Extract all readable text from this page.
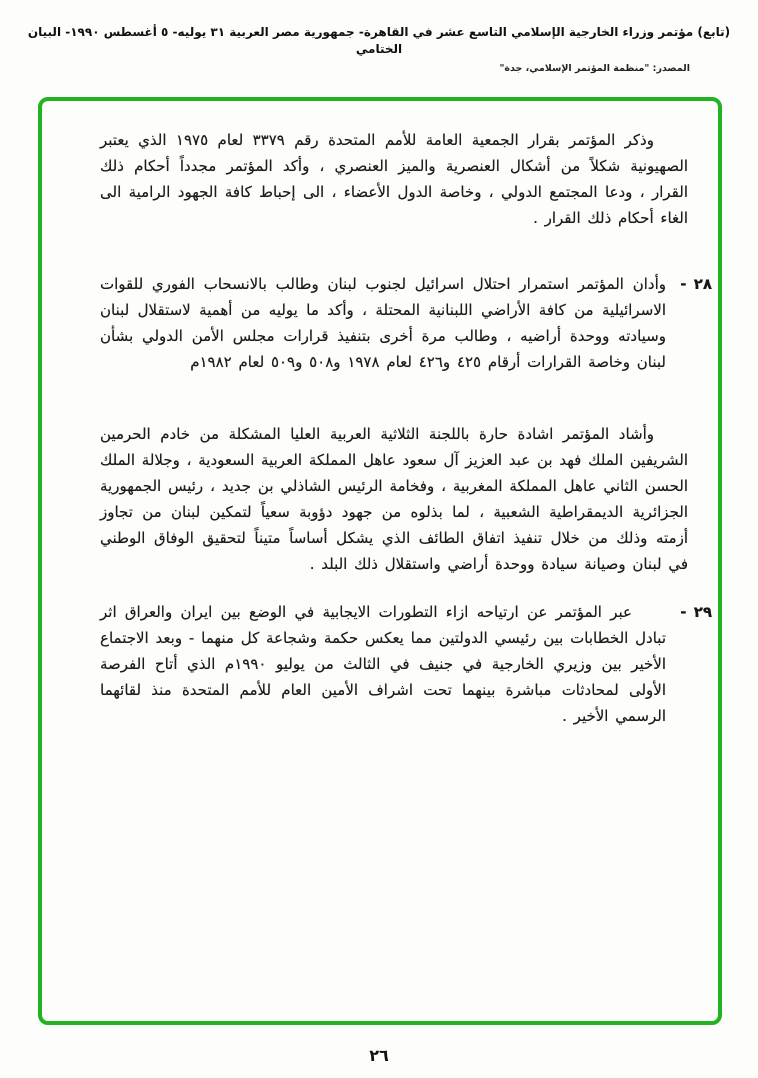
(تابع) مؤتمر وزراء الخارجية الإسلامي التاسع عشر في القاهرة- جمهورية مصر العربية ٣١ يوليه- ٥ أغسطس ١٩٩٠- البيان الختامي
المصدر: "منظمة المؤتمر الإسلامي، جدة"
وذكر المؤتمر بقرار الجمعية العامة للأمم المتحدة رقم ٣٣٧٩ لعام ١٩٧٥ الذي يعتبر الصهيونية شكلاً من أشكال العنصرية والميز العنصري ، وأكد المؤتمر مجدداً أحكام ذلك القرار ، ودعا المجتمع الدولي ، وخاصة الدول الأعضاء ، الى إحباط كافة الجهود الرامية الى الغاء أحكام ذلك القرار .
٢٨ -
وأدان المؤتمر استمرار احتلال اسرائيل لجنوب لبنان وطالب بالانسحاب الفوري للقوات الاسرائيلية من كافة الأراضي اللبنانية المحتلة ، وأكد ما يوليه من أهمية لاستقلال لبنان وسيادته ووحدة أراضيه ، وطالب مرة أخرى بتنفيذ قرارات مجلس الأمن الدولي بشأن لبنان وخاصة القرارات أرقام ٤٢٥ و٤٢٦ لعام ١٩٧٨ و٥٠٨ و٥٠٩ لعام ١٩٨٢م
وأشاد المؤتمر اشادة حارة باللجنة الثلاثية العربية العليا المشكلة من خادم الحرمين الشريفين الملك فهد بن عبد العزيز آل سعود عاهل المملكة العربية السعودية ، وجلالة الملك الحسن الثاني عاهل المملكة المغربية ، وفخامة الرئيس الشاذلي بن جديد ، رئيس الجمهورية الجزائرية الديمقراطية الشعبية ، لما بذلوه من جهود دؤوبة سعياً لتمكين لبنان من تجاوز أزمته وذلك من خلال تنفيذ اتفاق الطائف الذي يشكل أساساً متيناً لتحقيق الوفاق الوطني في لبنان وصيانة سيادة ووحدة أراضي واستقلال ذلك البلد .
٢٩ -
عبر المؤتمر عن ارتياحه ازاء التطورات الايجابية في الوضع بين ايران والعراق اثر تبادل الخطابات بين رئيسي الدولتين مما يعكس حكمة وشجاعة كل منهما - وبعد الاجتماع الأخير بين وزيري الخارجية في جنيف في الثالث من يوليو ١٩٩٠م الذي أتاح الفرصة الأولى لمحادثات مباشرة بينهما تحت اشراف الأمين العام للأمم المتحدة منذ لقائهما الرسمي الأخير .
٢٦
